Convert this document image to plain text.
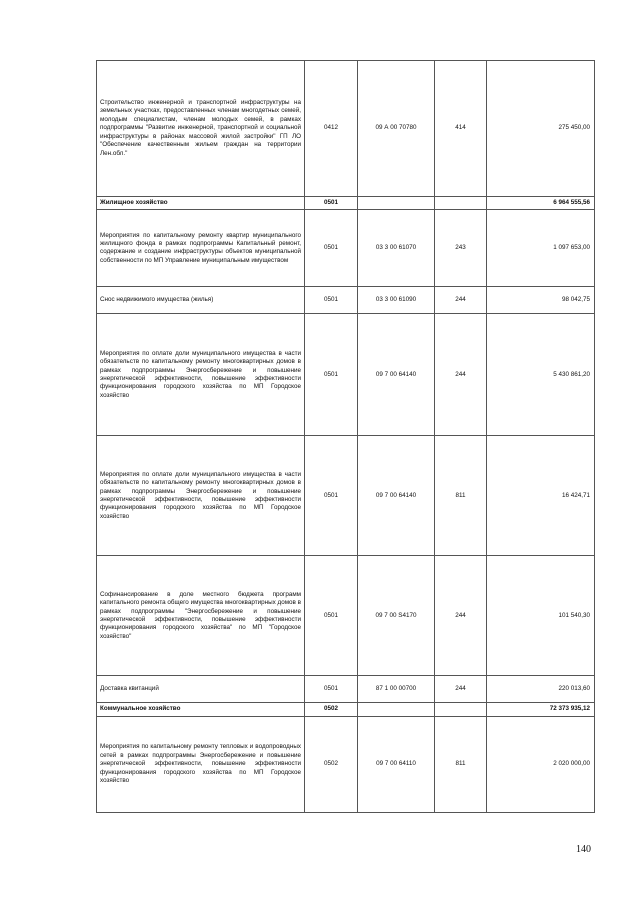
Строительство инженерной и транспортной инфраструктуры на земельных участках, предоставленных членам многодетных семей, молодым специалистам, членам молодых семей, в рамках подпрограммы "Развитие инженерной, транспортной и социальной инфраструктуры в районах массовой жилой застройки" ГП ЛО "Обеспечение качественным жильем граждан на территории Лен.обл."	0412	09 А 00 70780	414	275 450,00
Жилищное хозяйство	0501			6 964 555,56
Мероприятия по капитальному ремонту квартир муниципального жилищного фонда в рамках подпрограммы Капитальный ремонт, содержание и создание инфраструктуры объектов муниципальной собственности по МП Управление муниципальным имуществом	0501	03 3 00 61070	243	1 097 653,00
Снос недвижимого имущества (жилья)	0501	03 3 00 61090	244	98 042,75
Мероприятия по оплате доли муниципального имущества в части обязательств по капитальному ремонту многоквартирных домов в рамках подпрограммы Энергосбережение и повышение энергетической эффективности, повышение эффективности функционирования городского хозяйства по МП Городское хозяйство	0501	09 7 00 64140	244	5 430 861,20
Мероприятия по оплате доли муниципального имущества в части обязательств по капитальному ремонту многоквартирных домов в рамках подпрограммы Энергосбережение и повышение энергетической эффективности, повышение эффективности функционирования городского хозяйства по МП Городское хозяйство	0501	09 7 00 64140	811	16 424,71
Софинансирование в доле местного бюджета программ капитального ремонта общего имущества многоквартирных домов в рамках подпрограммы "Энергосбережение и повышение энергетической эффективности, повышение эффективности функционирования городского хозяйства" по МП "Городское хозяйство"	0501	09 7 00 S4170	244	101 540,30
Доставка квитанций	0501	87 1 00 00700	244	220 013,60
Коммунальное хозяйство	0502			72 373 935,12
Мероприятия по капитальному ремонту тепловых и водопроводных сетей в рамках подпрограммы Энергосбережение и повышение энергетической эффективности, повышение эффективности функционирования городского хозяйства по МП Городское хозяйство	0502	09 7 00 64110	811	2 020 000,00
140
